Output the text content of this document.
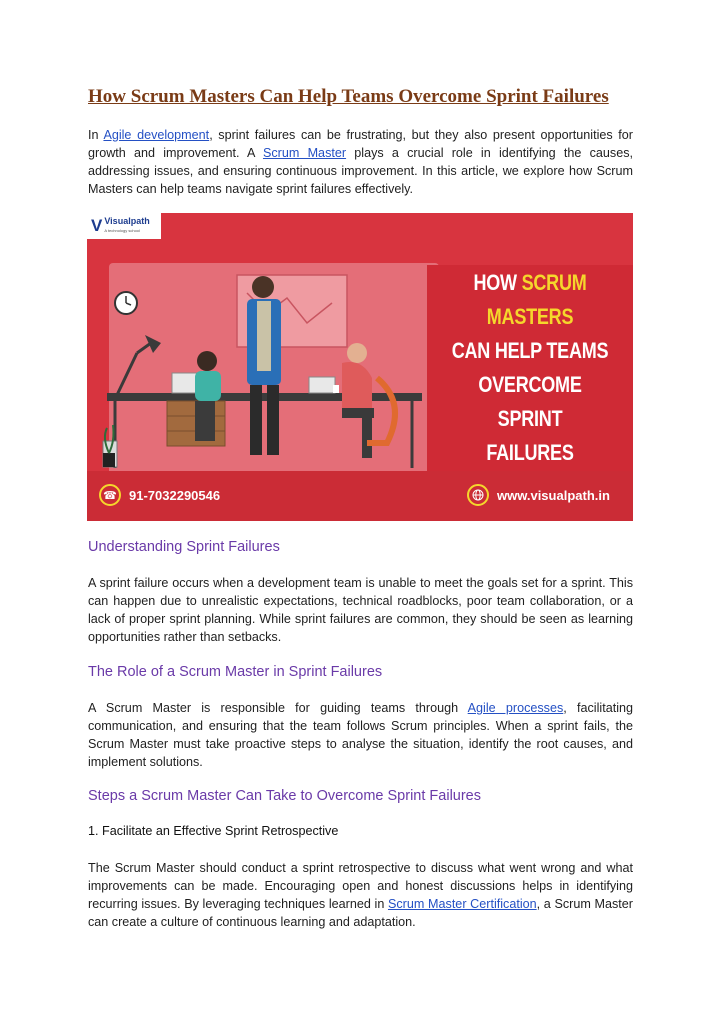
How Scrum Masters Can Help Teams Overcome Sprint Failures

In Agile development, sprint failures can be frustrating, but they also present opportunities for growth and improvement. A Scrum Master plays a crucial role in identifying the causes, addressing issues, and ensuring continuous improvement. In this article, we explore how Scrum Masters can help teams navigate sprint failures effectively.

V Visualpath
A technology school
HOW SCRUM MASTERS
CAN HELP TEAMS
OVERCOME SPRINT
FAILURES
☎ 91-7032290546	www.visualpath.in
Understanding Sprint Failures

A sprint failure occurs when a development team is unable to meet the goals set for a sprint. This can happen due to unrealistic expectations, technical roadblocks, poor team collaboration, or a lack of proper sprint planning. While sprint failures are common, they should be seen as learning opportunities rather than setbacks.

The Role of a Scrum Master in Sprint Failures

A Scrum Master is responsible for guiding teams through Agile processes, facilitating communication, and ensuring that the team follows Scrum principles. When a sprint fails, the Scrum Master must take proactive steps to analyse the situation, identify the root causes, and implement solutions.

Steps a Scrum Master Can Take to Overcome Sprint Failures
1. Facilitate an Effective Sprint Retrospective

The Scrum Master should conduct a sprint retrospective to discuss what went wrong and what improvements can be made. Encouraging open and honest discussions helps in identifying recurring issues. By leveraging techniques learned in Scrum Master Certification, a Scrum Master can create a culture of continuous learning and adaptation.
